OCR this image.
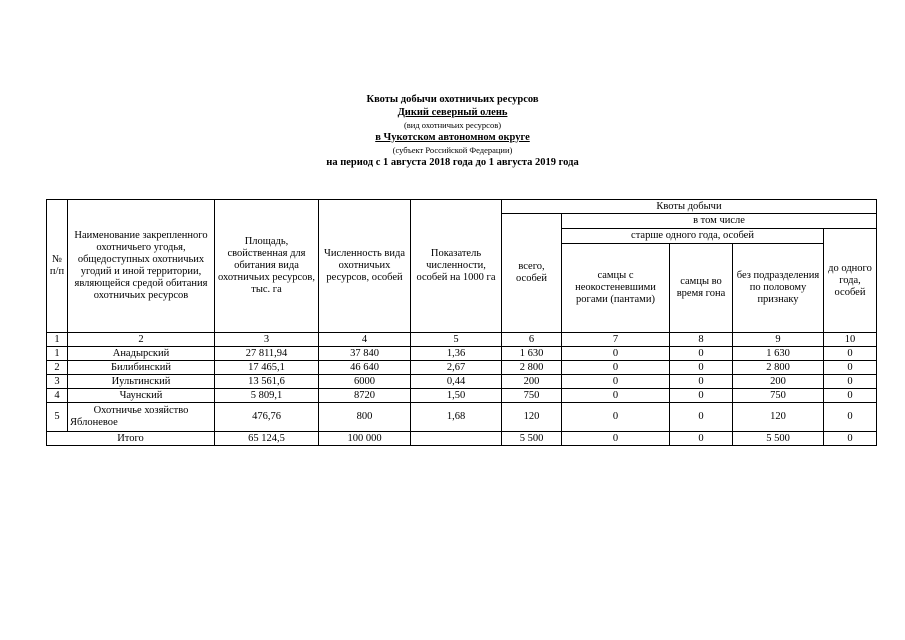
Квоты добычи охотничьих ресурсов
Дикий северный олень
(вид охотничьих ресурсов)
в Чукотском автономном округе
(субъект Российской Федерации)
на период с 1 августа 2018 года до 1 августа 2019 года
№ п/п	Наименование закрепленного охотничьего угодья, общедоступных охотничьих угодий и иной территории, являющейся средой обитания охотничьих ресурсов	Площадь, свойственная для обитания вида охотничьих ресурсов, тыс. га	Численность вида охотничьих ресурсов, особей	Показатель численности, особей на 1000 га	Квоты добычи				
					всего, особей	в том числе			
						старше одного года, особей			до одного года, особей
						самцы с неокостеневшими рогами (пантами)	самцы во время гона	без подразделения по половому признаку	
1	2	3	4	5	6	7	8	9	10
1	Анадырский	27 811,94	37 840	1,36	1 630	0	0	1 630	0
2	Билибинский	17 465,1	46 640	2,67	2 800	0	0	2 800	0
3	Иультинский	13 561,6	6000	0,44	200	0	0	200	0
4	Чаунский	5 809,1	8720	1,50	750	0	0	750	0
5	Охотничье хозяйство Яблоневое	476,76	800	1,68	120	0	0	120	0
Итого		65 124,5	100 000		5 500	0	0	5 500	0
